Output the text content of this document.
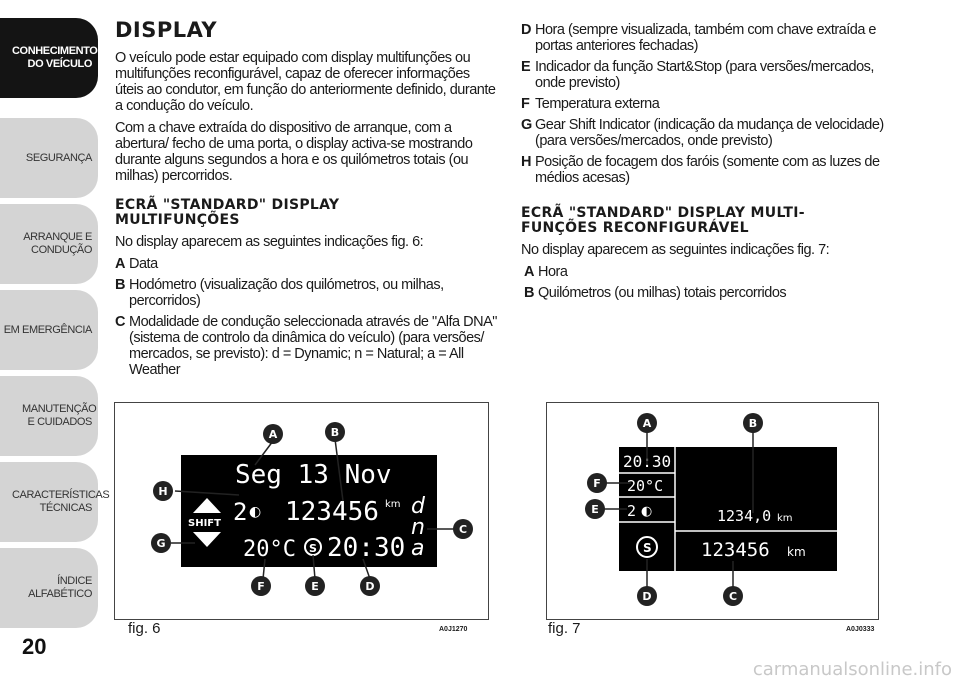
CONHECIMENTO DO VEÍCULO
SEGURANÇA
ARRANQUE E CONDUÇÃO
EM EMERGÊNCIA
MANUTENÇÃO E CUIDADOS
CARACTERÍSTICAS TÉCNICAS
ÍNDICE ALFABÉTICO
20
DISPLAY

O veículo pode estar equipado com display multifunções ou multifunções reconfigurável, capaz de oferecer informações úteis ao condutor, em função do anteriormente definido, durante a condução do veículo.

Com a chave extraída do dispositivo de arranque, com a abertura/ fecho de uma porta, o display activa-se mostrando durante alguns segundos a hora e os quilómetros totais (ou milhas) percorridos.

ECRÃ "STANDARD" DISPLAY MULTIFUNÇÕES

No display aparecem as seguintes indicações fig. 6:

A Data
B Hodómetro (visualização dos quilómetros, ou milhas, percorridos)
C Modalidade de condução seleccionada através de "Alfa DNA" (sistema de controlo da dinâmica do veículo) (para versões/ mercados, se previsto): d = Dynamic; n = Natural; a = All Weather
D Hora (sempre visualizada, também com chave extraída e portas anteriores fechadas)
E Indicador da função Start&Stop (para versões/mercados, onde previsto)
F Temperatura externa
G Gear Shift Indicator (indicação da mudança de velocidade) (para versões/mercados, onde previsto)
H Posição de focagem dos faróis (somente com as luzes de médios acesas)
ECRÃ "STANDARD" DISPLAY MULTI-FUNÇÕES RECONFIGURÁVEL

No display aparecem as seguintes indicações fig. 7:

A Hora
B Quilómetros (ou milhas) totais percorridos
Seg 13 Nov
SHIFT 2 ◐ 123456 km d
n
a
20°C S 20:30
A	B
C
D
E
F
G
H
fig. 6	A0J1270
20:30
20°C
2 ◐
S
1234,0 km
123456 km
A	B
C
D
E
F
fig. 7	A0J0333
carmanualsonline.info
